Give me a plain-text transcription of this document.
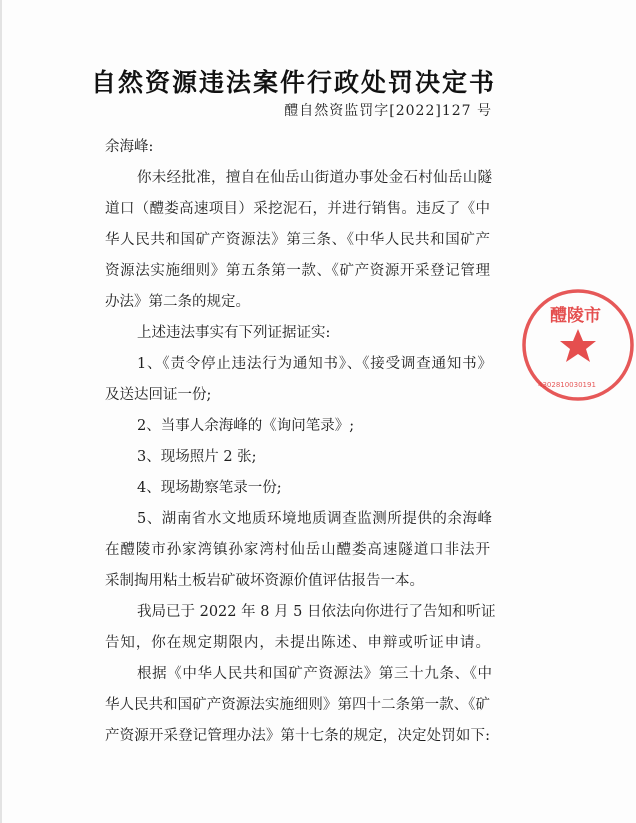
自然资源违法案件行政处罚决定书
醴自然资监罚字[2022]127 号
余海峰:
你未经批准，擅自在仙岳山街道办事处金石村仙岳山隧
道口（醴娄高速项目）采挖泥石，并进行销售。违反了《中
华人民共和国矿产资源法》第三条、《中华人民共和国矿产
资源法实施细则》第五条第一款、《矿产资源开采登记管理
办法》第二条的规定。
上述违法事实有下列证据证实:
1、《责令停止违法行为通知书》、《接受调查通知书》
及送达回证一份;
2、当事人余海峰的《询问笔录》;
3、现场照片 2 张;
4、现场勘察笔录一份;
5、湖南省水文地质环境地质调查监测所提供的余海峰
在醴陵市孙家湾镇孙家湾村仙岳山醴娄高速隧道口非法开
采制掏用粘土板岩矿破坏资源价值评估报告一本。
我局已于 2022 年 8 月 5 日依法向你进行了告知和听证
告知，你在规定期限内，未提出陈述、申辩或听证申请。
根据《中华人民共和国矿产资源法》第三十九条、《中
华人民共和国矿产资源法实施细则》第四十二条第一款、《矿
产资源开采登记管理办法》第十七条的规定，决定处罚如下:
醴陵市
4302810030191
